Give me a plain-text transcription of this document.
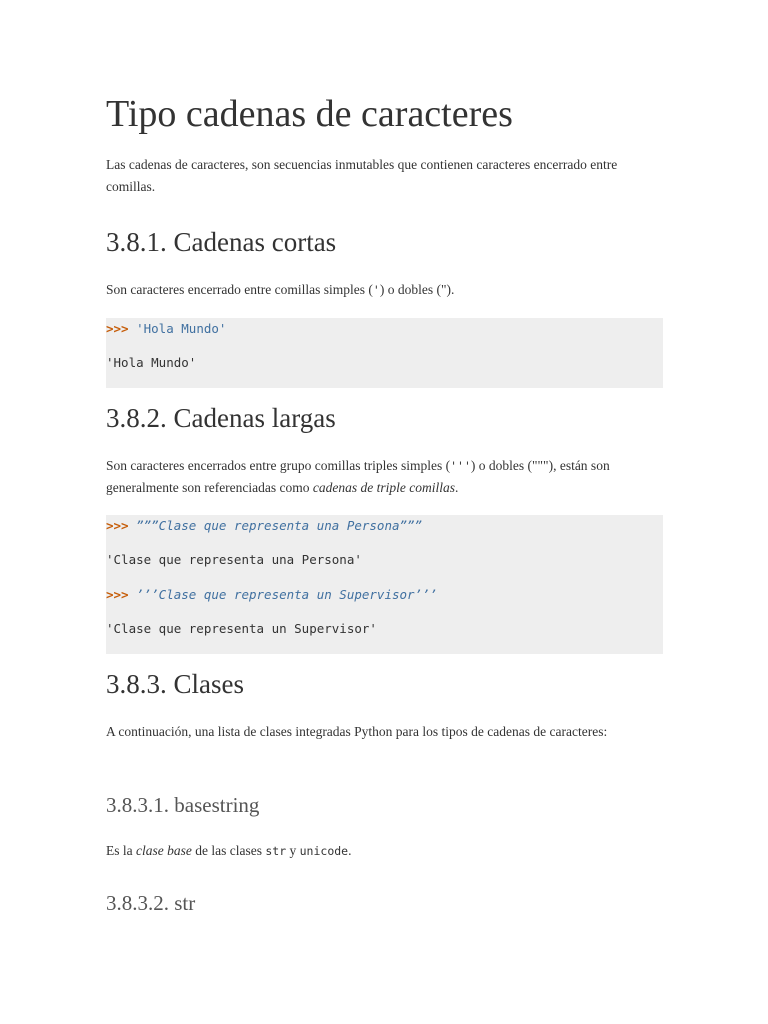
Tipo cadenas de caracteres

Las cadenas de caracteres, son secuencias inmutables que contienen caracteres encerrado entre comillas.

3.8.1. Cadenas cortas

Son caracteres encerrado entre comillas simples (') o dobles (").

>>> 'Hola Mundo'
'Hola Mundo'
3.8.2. Cadenas largas

Son caracteres encerrados entre grupo comillas triples simples (''') o dobles ("""), están son generalmente son referenciadas como cadenas de triple comillas.

>>> ”””Clase que representa una Persona”””
'Clase que representa una Persona'
>>> ’’’Clase que representa un Supervisor’’’
'Clase que representa un Supervisor'
3.8.3. Clases

A continuación, una lista de clases integradas Python para los tipos de cadenas de caracteres:

3.8.3.1. basestring

Es la clase base de las clases str y unicode.

3.8.3.2. str
